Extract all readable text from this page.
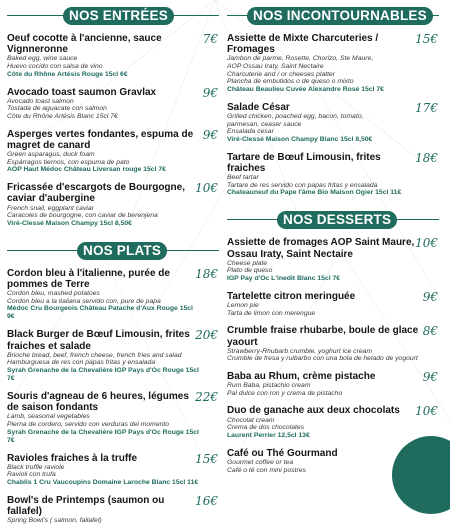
NOS ENTRÉES
Oeuf cocotte à l'ancienne, sauce Vignneronne
Baked egg, wine sauce
Huevo cocido con salsa de vino
Côte du Rhône Artésis Rouge 15cl 6€
7€
Avocado toast saumon Gravlax
Avocado toast salmon
Tostada de aguacate con salmon
Côte du Rhône Artésis Blanc 15cl 7€
9€
Asperges vertes fondantes, espuma de magret de canard
Green asparagus, duck foam
Espárragos tiernos, con espuma de pato
AOP Haut Médoc Château Liversan rouge 15cl 7€
9€
Fricassée d'escargots de Bourgogne, caviar d'aubergine
French snail, eggplant caviar
Caracoles de bourgogne, con caviar de berenjena
Viré-Clessé Maison Champy 15cl 8,50€
10€
NOS PLATS
Cordon bleu à l'italienne, purée de pommes de Terre
Cordon bleu, mashed potatoes
Cordon bleu a la italiana servido con, pure de papa
Médoc Cru Bourgeois Château Patache d'Aux Rouge 15cl 9€
18€
Black Burger de Bœuf Limousin, frites fraiches et salade
Brioche bread, beef, french cheese, french fries and salad
Hamburguesa de res con papas fritas y ensalada
Syrah Grenache de la Chevalière IGP Pays d'Oc Rouge 15cl 7€
20€
Souris d'agneau de 6 heures, légumes de saison fondants
Lamb, seasonal vegetables
Pierna de cordero, servido con verduras del momento
Syrah Grenache de la Chevalière IGP Pays d'Oc Rouge 15cl 7€
22€
Ravioles fraiches à la truffe
Black truffle raviole
Ravioli con trufa
Chablis 1 Cru Vaucoupins Domaine Laroche Blanc 15cl 11€
15€
Bowl's de Printemps (saumon ou fallafel)
Spring Bowl's ( salmon, fallafel)
16€
NOS INCONTOURNABLES
Assiette de Mixte Charcuteries / Fromages
Jambon de parme, Rosette, Chorizo, Ste Maure,
AOP Ossau Iraty, Saint Nectaire
Charcuterie and / or cheeses platter
Plancha de embutidos o de queso o mixto
Château Beaulieu Cuvée Alexandre Rosé 15cl 7€
15€
Salade César
Grilled chicken, poached egg, bacon, tomato,
parmesan, ceaser sauce
Ensalada cesar
Viré-Clessé Maison Champy Blanc 15cl 8,50€
17€
Tartare de Bœuf Limousin, frites fraiches
Beef tartar
Tartare de res servido con papas fritas y ensalada
Chateauneuf du Pape l'âme Bio Maison Ogier 15cl 11€
18€
NOS DESSERTS
Assiette de fromages AOP Saint Maure, Ossau Iraty, Saint Nectaire
Cheese plate
Plato de queso
IGP Pay d'Oc L'inedit Blanc 15cl 7€
10€
Tartelette citron meringuée
Lemon pie
Tarta de limon con merengue
9€
Crumble fraise rhubarbe, boule de glace yaourt
Strawberry-Rhubarb crumble, yoghurt ice cream
Crumble de fresa y ruibarbo con una bola de helado de yogourt
8€
Baba au Rhum, crème pistache
Rum Baba, pistachio cream
Pal dulce con ron y crema de pistacho
9€
Duo de ganache aux deux chocolats
Chocolat cream
Crema de dos chocolates
Laurent Perrier 12,5cl 13€
10€
Café ou Thé Gourmand
Gourmet coffee or tea
Café o té con mini postres
